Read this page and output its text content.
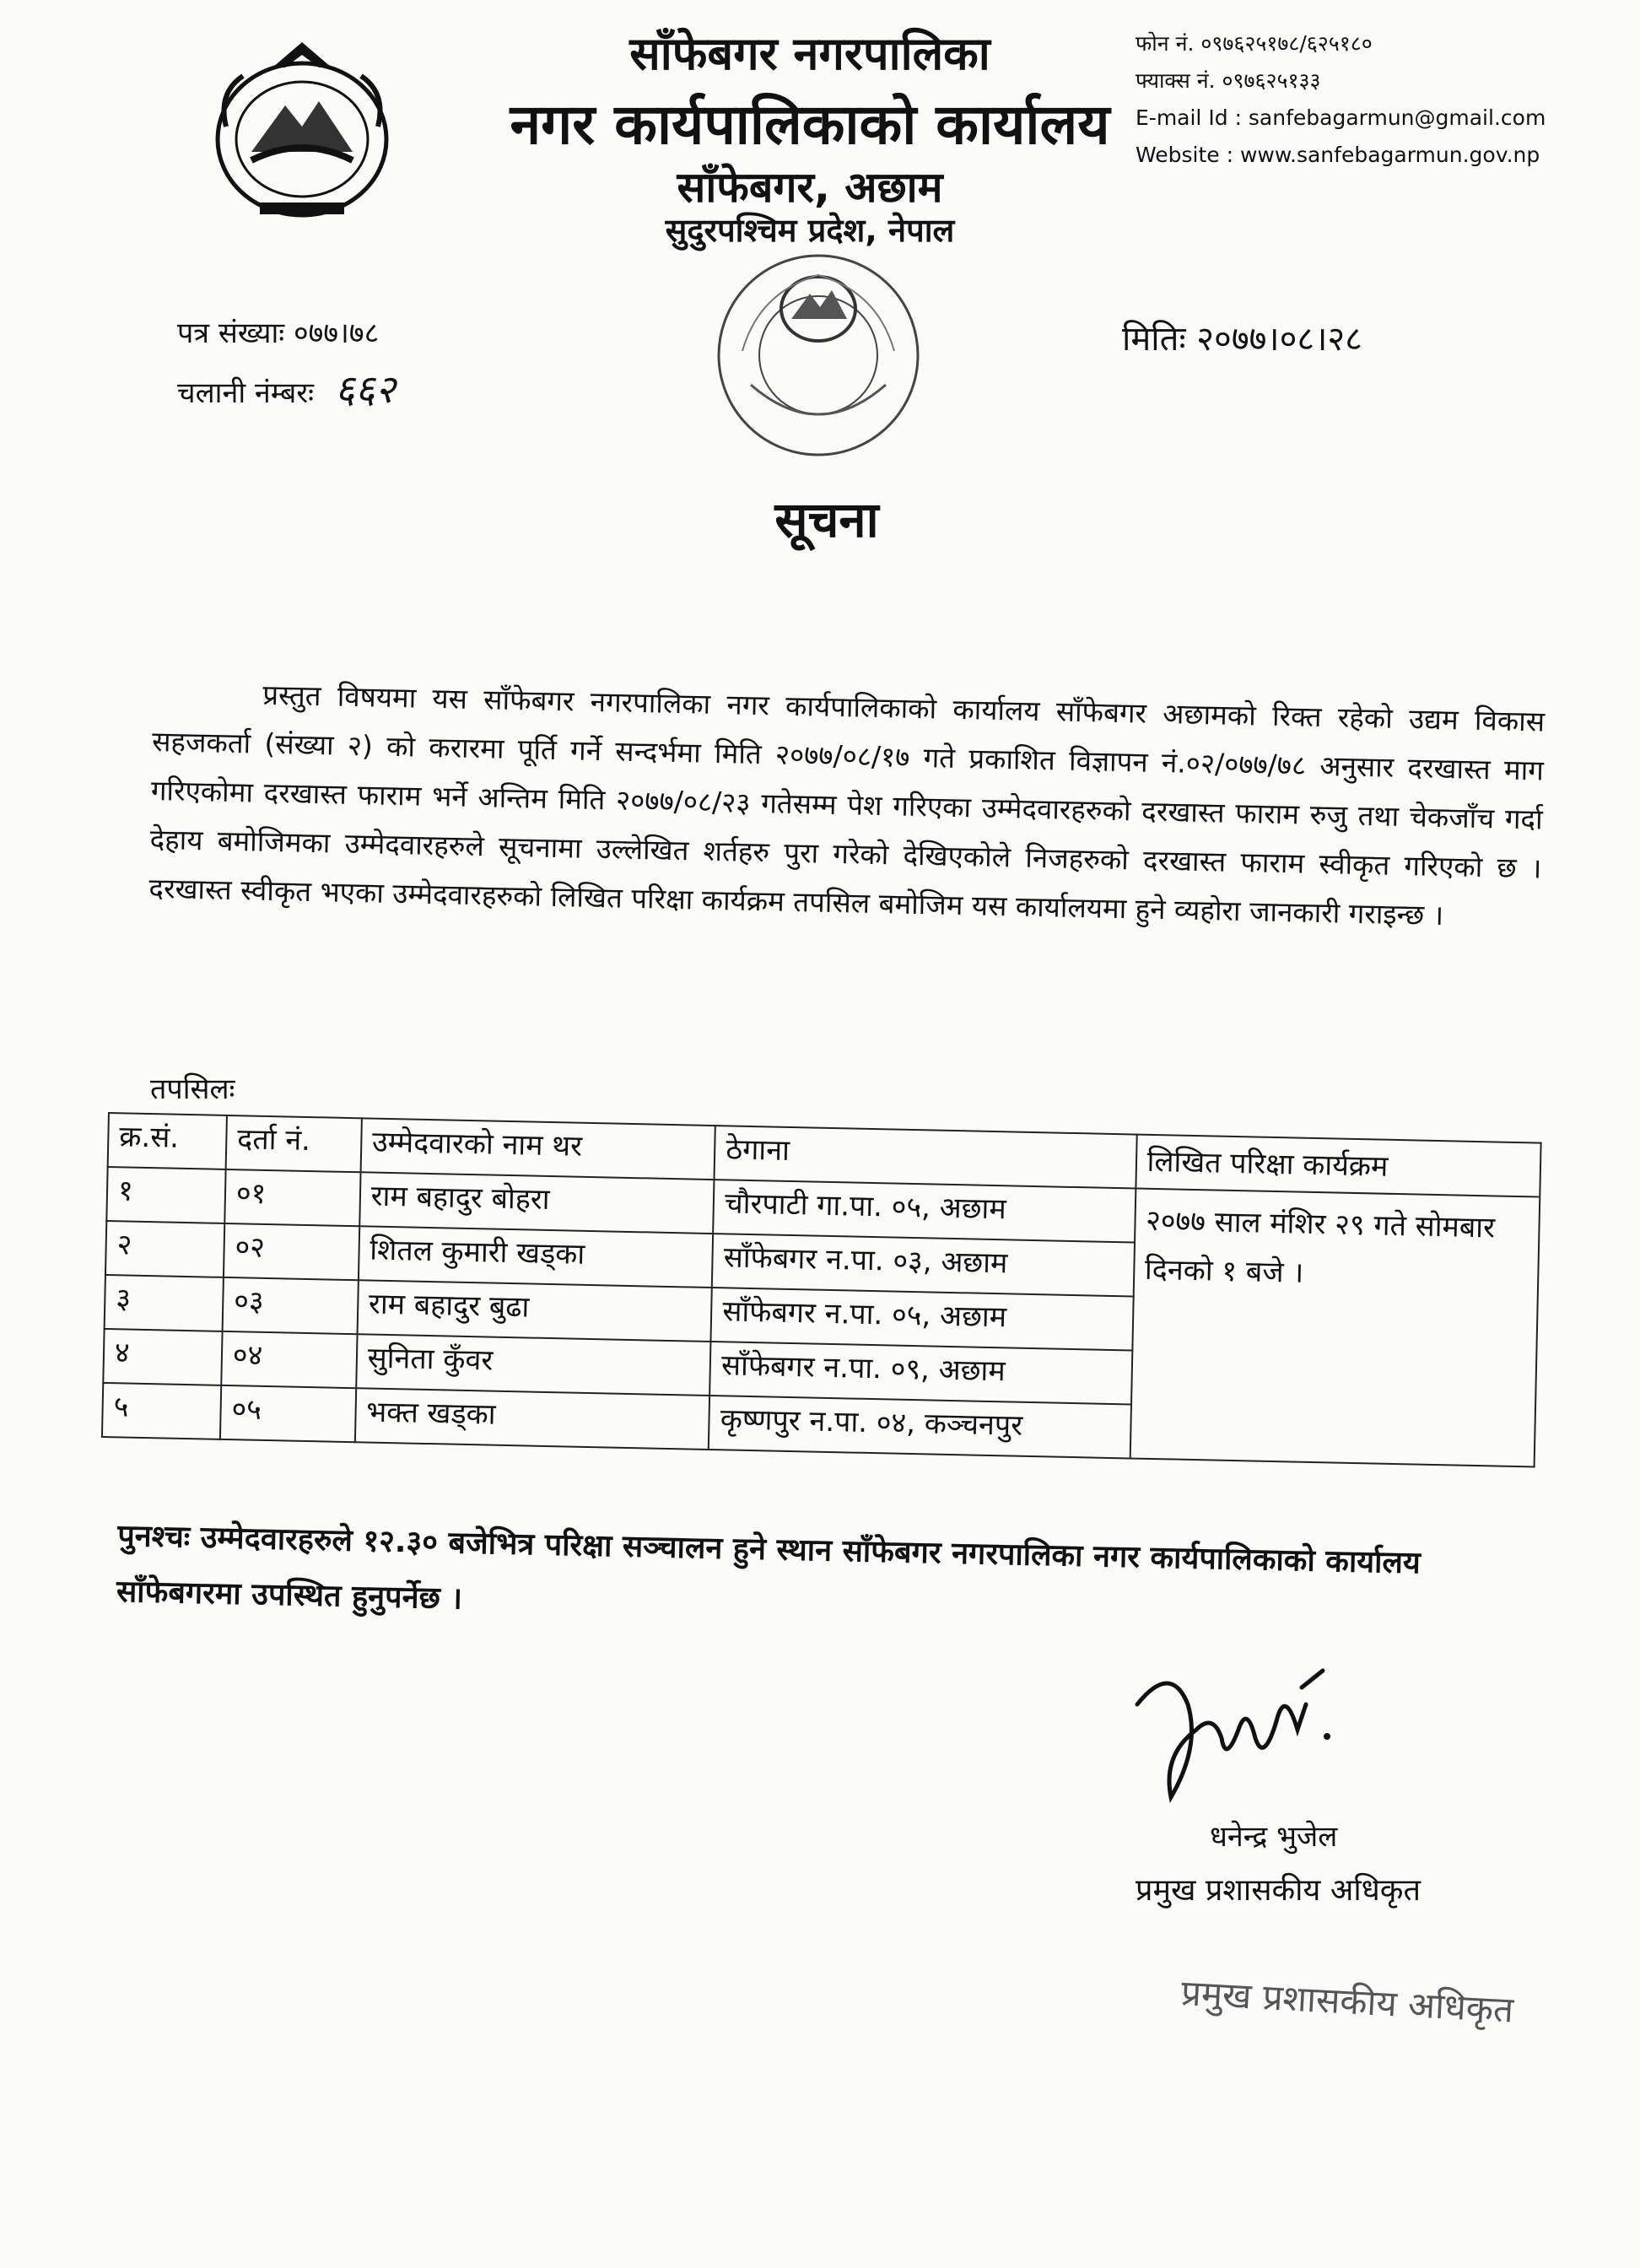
साँफेबगर नगरपालिका
नगर कार्यपालिकाको कार्यालय
साँफेबगर, अछाम
सुदुरपश्चिम प्रदेश, नेपाल
फोन नं. ०९७६२५१७८/६२५१८०
फ्याक्स नं. ०९७६२५१३३
E-mail Id : sanfebagarmun@gmail.com
Website : www.sanfebagarmun.gov.np
पत्र संख्याः ०७७।७८
चलानी नंम्बरः ६६२
मितिः २०७७।०८।२८
सूचना
प्रस्तुत विषयमा यस साँफेबगर नगरपालिका नगर कार्यपालिकाको कार्यालय साँफेबगर अछामको रिक्त रहेको उद्यम विकास सहजकर्ता (संख्या २) को करारमा पूर्ति गर्ने सन्दर्भमा मिति २०७७/०८/१७ गते प्रकाशित विज्ञापन नं.०२/०७७/७८ अनुसार दरखास्त माग गरिएकोमा दरखास्त फाराम भर्ने अन्तिम मिति २०७७/०८/२३ गतेसम्म पेश गरिएका उम्मेदवारहरुको दरखास्त फाराम रुजु तथा चेकजाँच गर्दा देहाय बमोजिमका उम्मेदवारहरुले सूचनामा उल्लेखित शर्तहरु पुरा गरेको देखिएकोले निजहरुको दरखास्त फाराम स्वीकृत गरिएको छ । दरखास्त स्वीकृत भएका उम्मेदवारहरुको लिखित परिक्षा कार्यक्रम तपसिल बमोजिम यस कार्यालयमा हुने व्यहोरा जानकारी गराइन्छ ।
तपसिलः
क्र.सं.	दर्ता नं.	उम्मेदवारको नाम थर	ठेगाना	लिखित परिक्षा कार्यक्रम
२०७७ साल मंशिर २९ गते सोमबार दिनको १ बजे ।
१	०१	राम बहादुर बोहरा	चौरपाटी गा.पा. ०५, अछाम	
२	०२	शितल कुमारी खड्का	साँफेबगर न.पा. ०३, अछाम	
३	०३	राम बहादुर बुढा	साँफेबगर न.पा. ०५, अछाम	
४	०४	सुनिता कुँवर	साँफेबगर न.पा. ०९, अछाम	
५	०५	भक्त खड्का	कृष्णपुर न.पा. ०४, कञ्चनपुर	
पुनश्चः उम्मेदवारहरुले १२.३० बजेभित्र परिक्षा सञ्चालन हुने स्थान साँफेबगर नगरपालिका नगर कार्यपालिकाको कार्यालय साँफेबगरमा उपस्थित हुनुपर्नेछ ।
धनेन्द्र भुजेल
प्रमुख प्रशासकीय अधिकृत
प्रमुख प्रशासकीय अधिकृत
